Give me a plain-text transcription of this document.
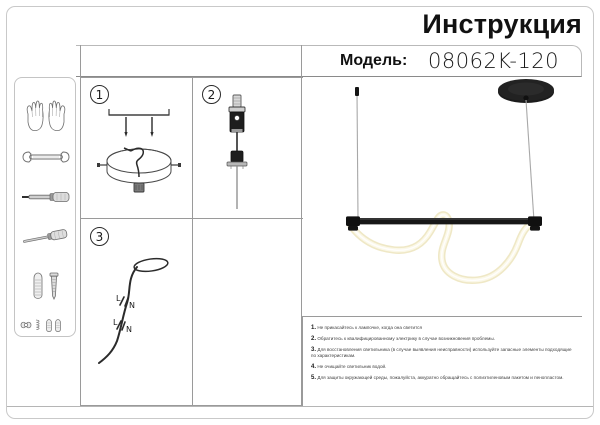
Инструкция
Модель: 08062K-120
1	2
3
L
N
L
N	1. Не прикасайтесь к лампочке, когда она светится
2. Обратитесь к квалифицированному электрику в случае возникновения проблемы.
3. Для восстановления светильника (в случае выявления неисправности) используйте запасные элементы подходящие по характеристикам.
4. Не очищайте светильник водой.
5. Для защиты окружающей среды, пожалуйста, аккуратно обращайтесь с полиэтиленовым пакетом и пенопластом.
